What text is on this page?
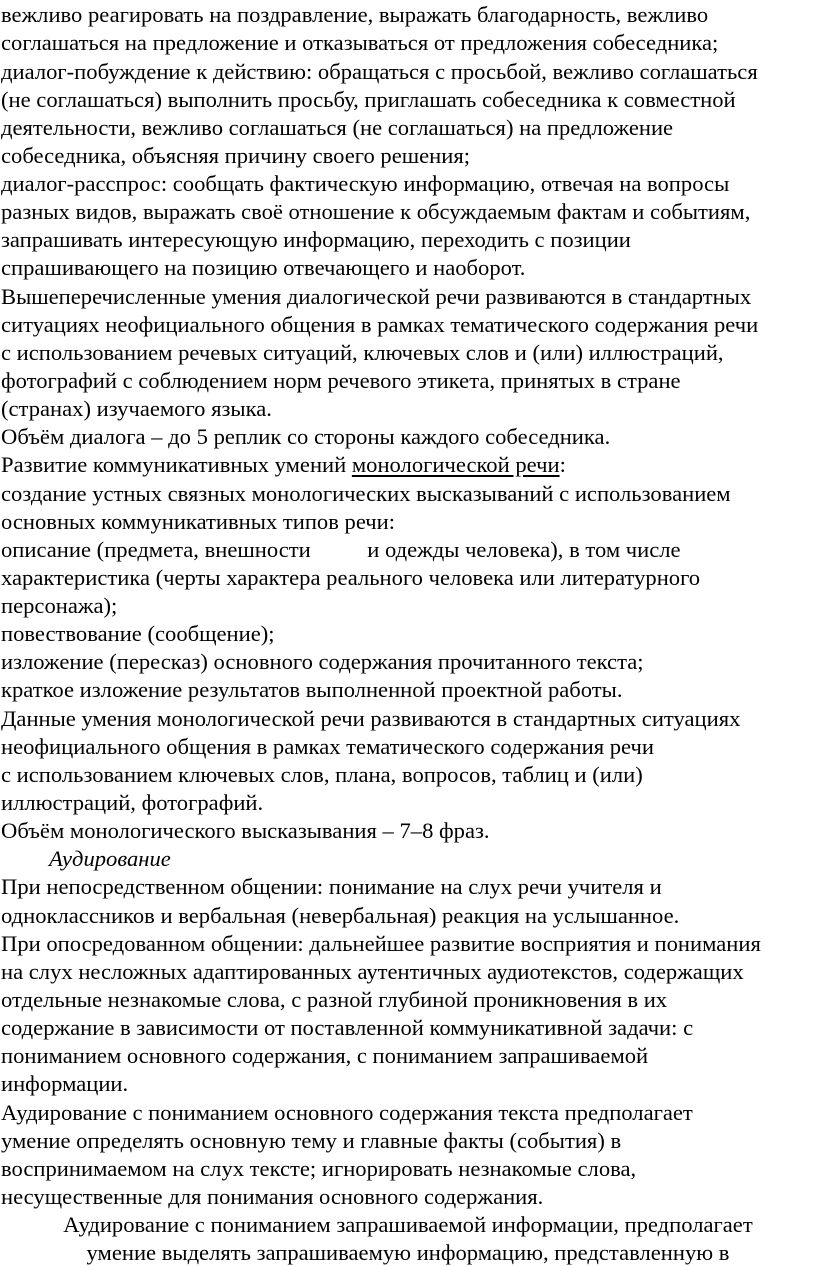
вежливо реагировать на поздравление, выражать благодарность, вежливо
соглашаться на предложение и отказываться от предложения собеседника;
диалог-побуждение к действию: обращаться с просьбой, вежливо соглашаться
(не соглашаться) выполнить просьбу, приглашать собеседника к совместной
деятельности, вежливо соглашаться (не соглашаться) на предложение
собеседника, объясняя причину своего решения;
диалог-расспрос: сообщать фактическую информацию, отвечая на вопросы
разных видов, выражать своё отношение к обсуждаемым фактам и событиям,
запрашивать интересующую информацию, переходить с позиции
спрашивающего на позицию отвечающего и наоборот.
Вышеперечисленные умения диалогической речи развиваются в стандартных
ситуациях неофициального общения в рамках тематического содержания речи
с использованием речевых ситуаций, ключевых слов и (или) иллюстраций,
фотографий с соблюдением норм речевого этикета, принятых в стране
(странах) изучаемого языка.
Объём диалога – до 5 реплик со стороны каждого собеседника.
Развитие коммуникативных умений монологической речи:
создание устных связных монологических высказываний с использованием
основных коммуникативных типов речи:
описание (предмета, внешности          и одежды человека), в том числе
характеристика (черты характера реального человека или литературного
персонажа);
повествование (сообщение);
изложение (пересказ) основного содержания прочитанного текста;
краткое изложение результатов выполненной проектной работы.
Данные умения монологической речи развиваются в стандартных ситуациях
неофициального общения в рамках тематического содержания речи
с использованием ключевых слов, плана, вопросов, таблиц и (или)
иллюстраций, фотографий.
Объём монологического высказывания – 7–8 фраз.
Аудирование
При непосредственном общении: понимание на слух речи учителя и
одноклассников и вербальная (невербальная) реакция на услышанное.
При опосредованном общении: дальнейшее развитие восприятия и понимания
на слух несложных адаптированных аутентичных аудиотекстов, содержащих
отдельные незнакомые слова, с разной глубиной проникновения в их
содержание в зависимости от поставленной коммуникативной задачи: с
пониманием основного содержания, с пониманием запрашиваемой
информации.
Аудирование с пониманием основного содержания текста предполагает
умение определять основную тему и главные факты (события) в
воспринимаемом на слух тексте; игнорировать незнакомые слова,
несущественные для понимания основного содержания.
Аудирование с пониманием запрашиваемой информации, предполагает
умение выделять запрашиваемую информацию, представленную в
